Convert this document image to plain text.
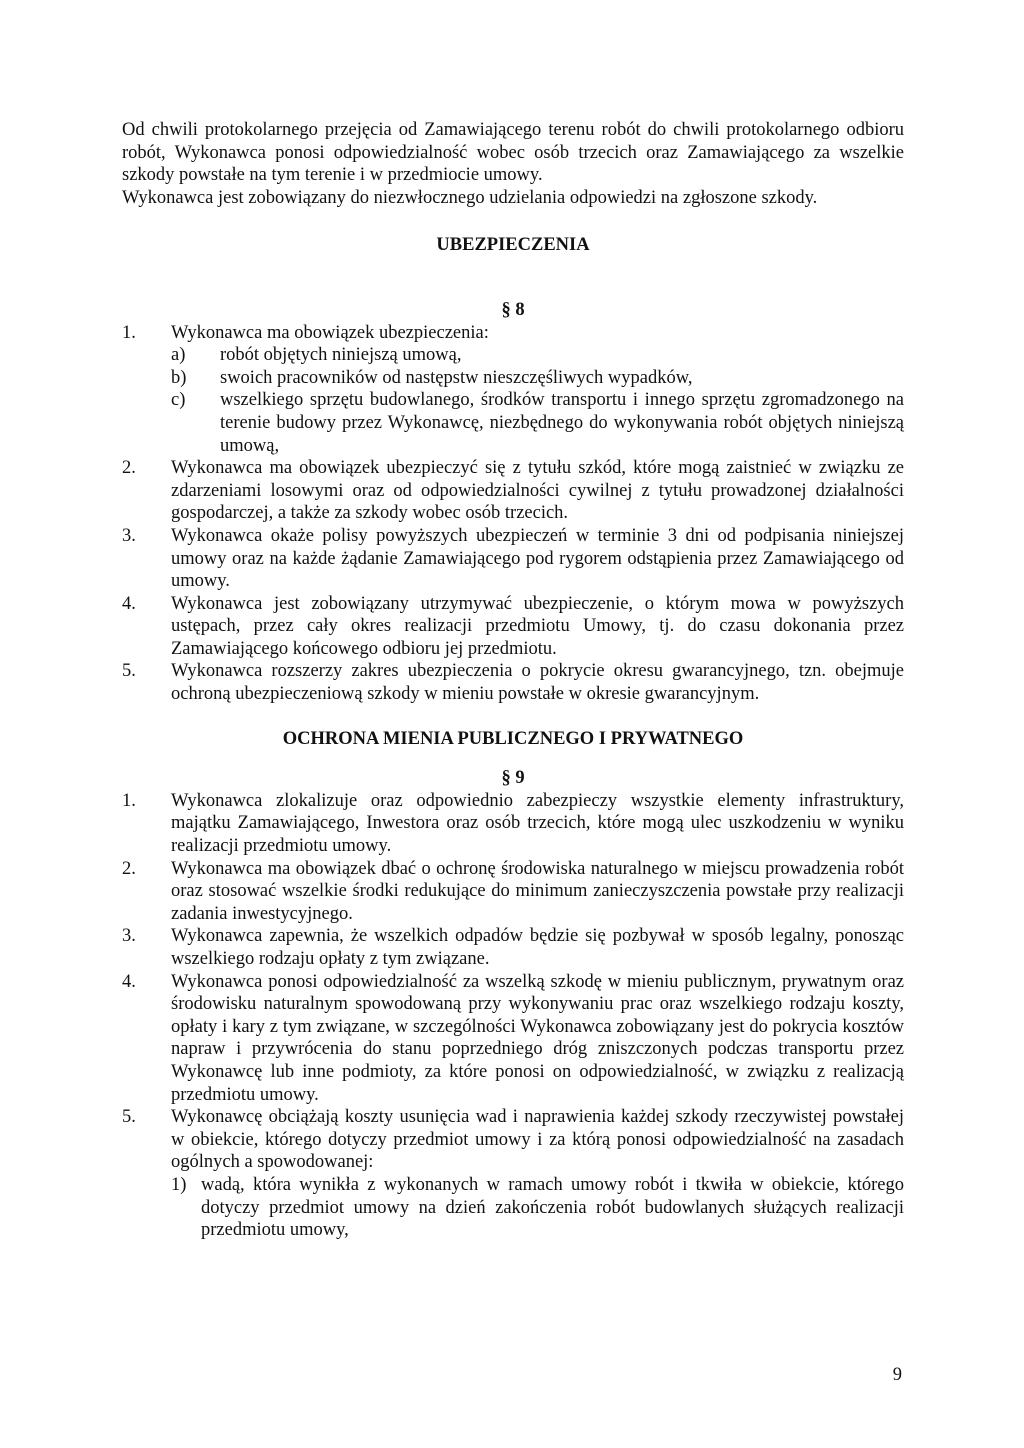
Od chwili protokolarnego przejęcia od Zamawiającego terenu robót do chwili protokolarnego odbioru robót, Wykonawca ponosi odpowiedzialność wobec osób trzecich oraz Zamawiającego za wszelkie szkody powstałe na tym terenie i w przedmiocie umowy.

Wykonawca jest zobowiązany do niezwłocznego udzielania odpowiedzi na zgłoszone szkody.

UBEZPIECZENIA

§ 8

1.	Wykonawca ma obowiązek ubezpieczenia:

a)	robót objętych niniejszą umową,
b)	swoich pracowników od następstw nieszczęśliwych wypadków,
c)	wszelkiego sprzętu budowlanego, środków transportu i innego sprzętu zgromadzonego na terenie budowy przez Wykonawcę, niezbędnego do wykonywania robót objętych niniejszą umową,
2.	Wykonawca ma obowiązek ubezpieczyć się z tytułu szkód, które mogą zaistnieć w związku ze zdarzeniami losowymi oraz od odpowiedzialności cywilnej z tytułu prowadzonej działalności gospodarczej, a także za szkody wobec osób trzecich.
3.	Wykonawca okaże polisy powyższych ubezpieczeń w terminie 3 dni od podpisania niniejszej umowy oraz na każde żądanie Zamawiającego pod rygorem odstąpienia przez Zamawiającego od umowy.
4.	Wykonawca jest zobowiązany utrzymywać ubezpieczenie, o którym mowa w powyższych ustępach, przez cały okres realizacji przedmiotu Umowy, tj. do czasu dokonania przez Zamawiającego końcowego odbioru jej przedmiotu.
5.	Wykonawca rozszerzy zakres ubezpieczenia o pokrycie okresu gwarancyjnego, tzn. obejmuje ochroną ubezpieczeniową szkody w mieniu powstałe w okresie gwarancyjnym.

OCHRONA MIENIA PUBLICZNEGO I PRYWATNEGO

§ 9

1.	Wykonawca zlokalizuje oraz odpowiednio zabezpieczy wszystkie elementy infrastruktury, majątku Zamawiającego, Inwestora oraz osób trzecich, które mogą ulec uszkodzeniu w wyniku realizacji przedmiotu umowy.
2.	Wykonawca ma obowiązek dbać o ochronę środowiska naturalnego w miejscu prowadzenia robót oraz stosować wszelkie środki redukujące do minimum zanieczyszczenia powstałe przy realizacji zadania inwestycyjnego.
3.	Wykonawca zapewnia, że wszelkich odpadów będzie się pozbywał w sposób legalny, ponosząc wszelkiego rodzaju opłaty z tym związane.
4.	Wykonawca ponosi odpowiedzialność za wszelką szkodę w mieniu publicznym, prywatnym oraz środowisku naturalnym spowodowaną przy wykonywaniu prac oraz wszelkiego rodzaju koszty, opłaty i kary z tym związane, w szczególności Wykonawca zobowiązany jest do pokrycia kosztów napraw i przywrócenia do stanu poprzedniego dróg zniszczonych podczas transportu przez Wykonawcę lub inne podmioty, za które ponosi on odpowiedzialność, w związku z realizacją przedmiotu umowy.
5.	Wykonawcę obciążają koszty usunięcia wad i naprawienia każdej szkody rzeczywistej powstałej w obiekcie, którego dotyczy przedmiot umowy i za którą ponosi odpowiedzialność na zasadach ogólnych a spowodowanej:

1) wadą, która wynikła z wykonanych w ramach umowy robót i tkwiła w obiekcie, którego dotyczy przedmiot umowy na dzień zakończenia robót budowlanych służących realizacji przedmiotu umowy,
9
